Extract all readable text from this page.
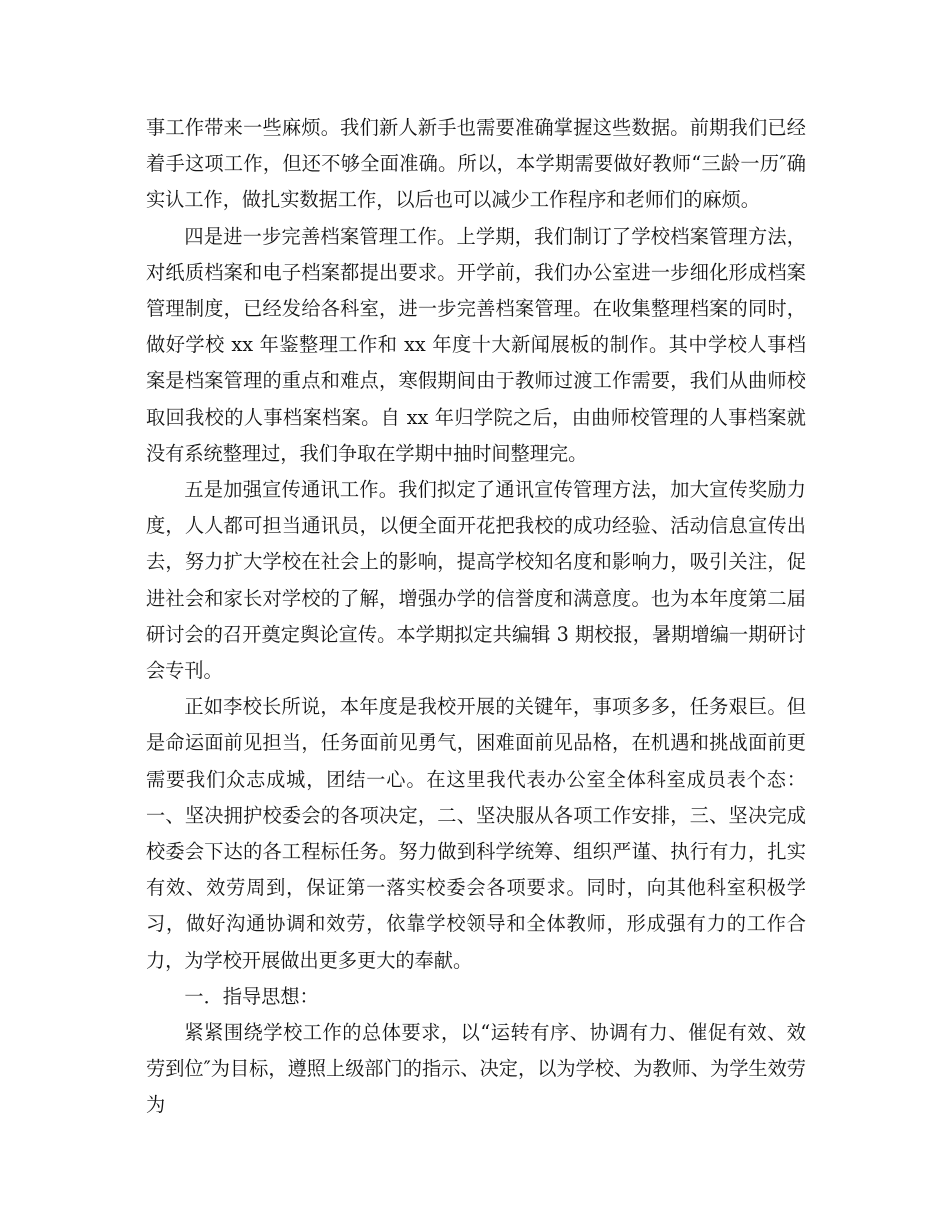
事工作带来一些麻烦。我们新人新手也需要准确掌握这些数据。前期我们已经着手这项工作，但还不够全面准确。所以，本学期需要做好教师“三龄一历″确实认工作，做扎实数据工作，以后也可以减少工作程序和老师们的麻烦。

四是进一步完善档案管理工作。上学期，我们制订了学校档案管理方法，对纸质档案和电子档案都提出要求。开学前，我们办公室进一步细化形成档案管理制度，已经发给各科室，进一步完善档案管理。在收集整理档案的同时，做好学校 xx 年鉴整理工作和 xx 年度十大新闻展板的制作。其中学校人事档案是档案管理的重点和难点，寒假期间由于教师过渡工作需要，我们从曲师校取回我校的人事档案档案。自 xx 年归学院之后，由曲师校管理的人事档案就没有系统整理过，我们争取在学期中抽时间整理完。

五是加强宣传通讯工作。我们拟定了通讯宣传管理方法，加大宣传奖励力度，人人都可担当通讯员，以便全面开花把我校的成功经验、活动信息宣传出去，努力扩大学校在社会上的影响，提高学校知名度和影响力，吸引关注，促进社会和家长对学校的了解，增强办学的信誉度和满意度。也为本年度第二届研讨会的召开奠定舆论宣传。本学期拟定共编辑 3 期校报，暑期增编一期研讨会专刊。

正如李校长所说，本年度是我校开展的关键年，事项多多，任务艰巨。但是命运面前见担当，任务面前见勇气，困难面前见品格，在机遇和挑战面前更需要我们众志成城，团结一心。在这里我代表办公室全体科室成员表个态：一、坚决拥护校委会的各项决定，二、坚决服从各项工作安排，三、坚决完成校委会下达的各工程标任务。努力做到科学统筹、组织严谨、执行有力，扎实有效、效劳周到，保证第一落实校委会各项要求。同时，向其他科室积极学习，做好沟通协调和效劳，依靠学校领导和全体教师，形成强有力的工作合力，为学校开展做出更多更大的奉献。

一．指导思想：

紧紧围绕学校工作的总体要求，以“运转有序、协调有力、催促有效、效劳到位″为目标，遵照上级部门的指示、决定，以为学校、为教师、为学生效劳为
